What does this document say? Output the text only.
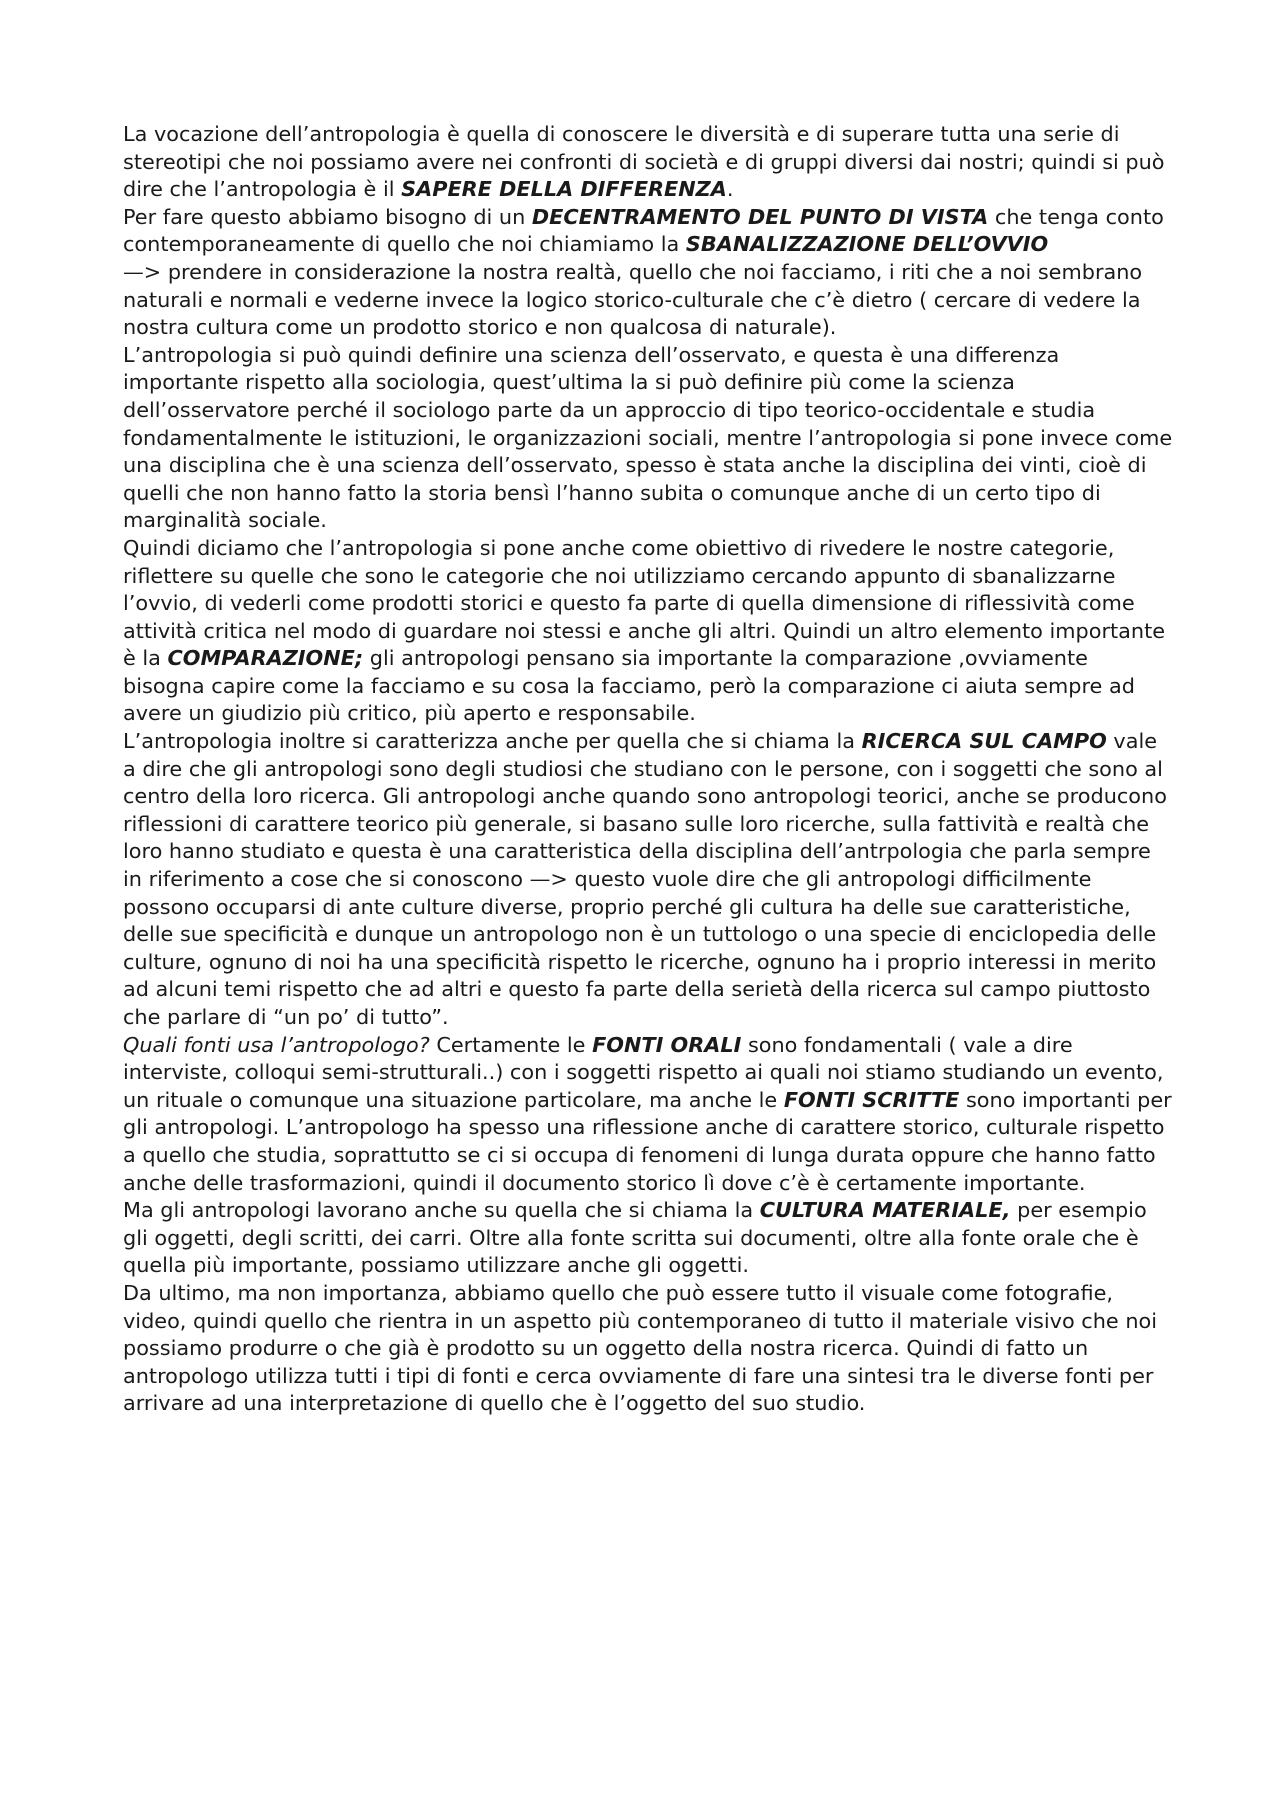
La vocazione dell’antropologia è quella di conoscere le diversità e di superare tutta una serie di stereotipi che noi possiamo avere nei confronti di società e di gruppi diversi dai nostri; quindi si può dire che l’antropologia è il SAPERE DELLA DIFFERENZA.

Per fare questo abbiamo bisogno di un DECENTRAMENTO DEL PUNTO DI VISTA che tenga conto contemporaneamente di quello che noi chiamiamo la SBANALIZZAZIONE DELL’OVVIO

—> prendere in considerazione la nostra realtà, quello che noi facciamo, i riti che a noi sembrano naturali e normali e vederne invece la logico storico-culturale che c’è dietro ( cercare di vedere la nostra cultura come un prodotto storico e non qualcosa di naturale).

L’antropologia si può quindi definire una scienza dell’osservato, e questa è una differenza importante rispetto alla sociologia, quest’ultima la si può definire più come la scienza dell’osservatore perché il sociologo parte da un approccio di tipo teorico-occidentale e studia fondamentalmente le istituzioni, le organizzazioni sociali, mentre l’antropologia si pone invece come una disciplina che è una scienza dell’osservato, spesso è stata anche la disciplina dei vinti, cioè di quelli che non hanno fatto la storia bensì l’hanno subita o comunque anche di un certo tipo di marginalità sociale.

Quindi diciamo che l’antropologia si pone anche come obiettivo di rivedere le nostre categorie, riflettere su quelle che sono le categorie che noi utilizziamo cercando appunto di sbanalizzarne l’ovvio, di vederli come prodotti storici e questo fa parte di quella dimensione di riflessività come attività critica nel modo di guardare noi stessi e anche gli altri. Quindi un altro elemento importante è la COMPARAZIONE; gli antropologi pensano sia importante la comparazione ,ovviamente bisogna capire come la facciamo e su cosa la facciamo, però la comparazione ci aiuta sempre ad avere un giudizio più critico, più aperto e responsabile.

L’antropologia inoltre si caratterizza anche per quella che si chiama la RICERCA SUL CAMPO vale a dire che gli antropologi sono degli studiosi che studiano con le persone, con i soggetti che sono al centro della loro ricerca. Gli antropologi anche quando sono antropologi teorici, anche se producono riflessioni di carattere teorico più generale, si basano sulle loro ricerche, sulla fattività e realtà che loro hanno studiato e questa è una caratteristica della disciplina dell’antrpologia che parla sempre in riferimento a cose che si conoscono —> questo vuole dire che gli antropologi difficilmente possono occuparsi di ante culture diverse, proprio perché gli cultura ha delle sue caratteristiche, delle sue specificità e dunque un antropologo non è un tuttologo o una specie di enciclopedia delle culture, ognuno di noi ha una specificità rispetto le ricerche, ognuno ha i proprio interessi in merito ad alcuni temi rispetto che ad altri e questo fa parte della serietà della ricerca sul campo piuttosto che parlare di “un po’ di tutto”.

Quali fonti usa l’antropologo? Certamente le FONTI ORALI sono fondamentali ( vale a dire interviste, colloqui semi-strutturali..) con i soggetti rispetto ai quali noi stiamo studiando un evento, un rituale o comunque una situazione particolare, ma anche le FONTI SCRITTE sono importanti per gli antropologi. L’antropologo ha spesso una riflessione anche di carattere storico, culturale rispetto a quello che studia, soprattutto se ci si occupa di fenomeni di lunga durata oppure che hanno fatto anche delle trasformazioni, quindi il documento storico lì dove c’è è certamente importante.

Ma gli antropologi lavorano anche su quella che si chiama la CULTURA MATERIALE, per esempio gli oggetti, degli scritti, dei carri. Oltre alla fonte scritta sui documenti, oltre alla fonte orale che è quella più importante, possiamo utilizzare anche gli oggetti.

Da ultimo, ma non importanza, abbiamo quello che può essere tutto il visuale come fotografie, video, quindi quello che rientra in un aspetto più contemporaneo di tutto il materiale visivo che noi possiamo produrre o che già è prodotto su un oggetto della nostra ricerca. Quindi di fatto un antropologo utilizza tutti i tipi di fonti e cerca ovviamente di fare una sintesi tra le diverse fonti per arrivare ad una interpretazione di quello che è l’oggetto del suo studio.
